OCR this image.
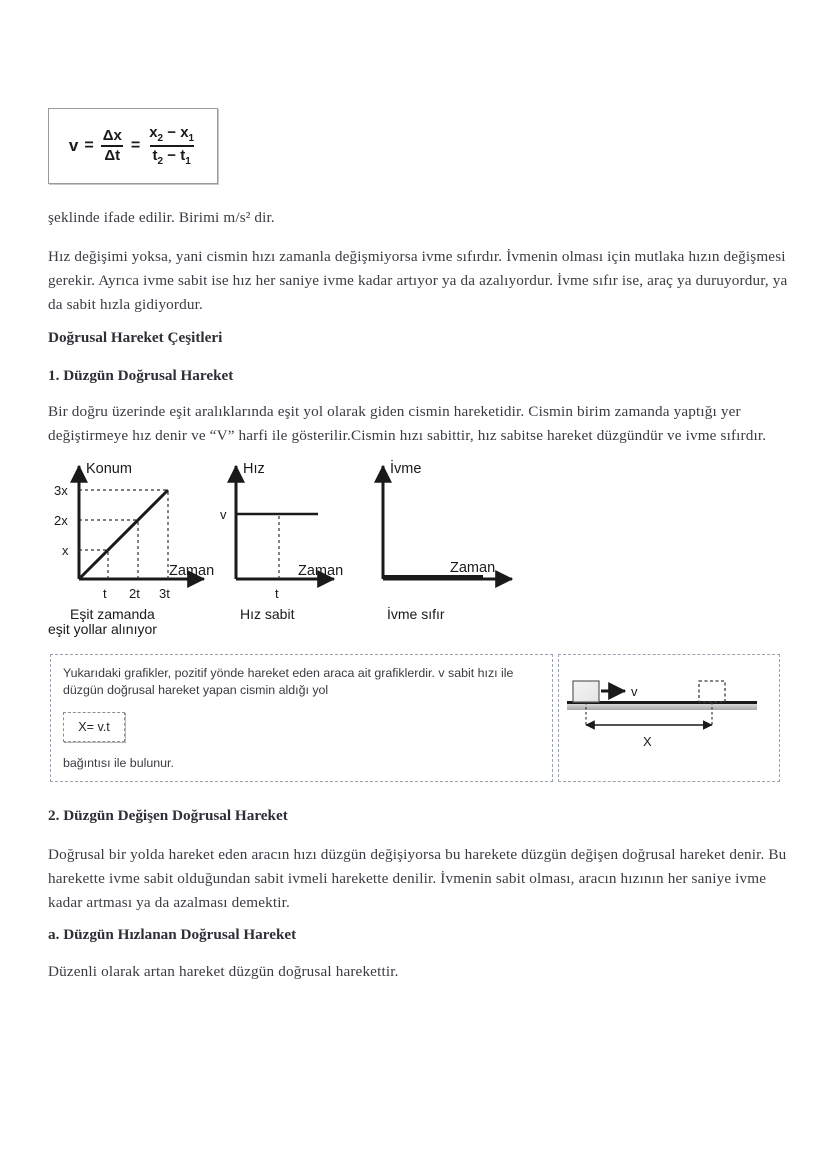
$v = \frac{\Delta x}{\Delta t} = \frac{x_2 - x_1}{t_2 - t_1}$
şeklinde ifade edilir. Birimi m/s² dir.
Hız değişimi yoksa, yani cismin hızı zamanla değişmiyorsa ivme sıfırdır. İvmenin olması için mutlaka hızın değişmesi gerekir. Ayrıca ivme sabit ise hız her saniye ivme kadar artıyor ya da azalıyordur. İvme sıfır ise, araç ya duruyordur, ya da sabit hızla gidiyordur.
Doğrusal Hareket Çeşitleri
1. Düzgün Doğrusal Hareket
Bir doğru üzerinde eşit aralıklarında eşit yol olarak giden cismin hareketidir. Cismin birim zamanda yaptığı yer değiştirmeye hız denir ve “V” harfi ile gösterilir.Cismin hızı sabittir, hız sabitse hareket düzgündür ve ivme sıfırdır.
Konum
Zaman
3x
2x
x
t 2t 3t
Eşit zamanda
eşit yollar alınıyor
Hız
Zaman
v
t
Hız sabit
İvme
Zaman
İvme sıfır
Yukarıdaki grafikler, pozitif yönde hareket eden araca ait grafiklerdir. v sabit hızı ile düzgün doğrusal hareket yapan cismin aldığı yol
X= v.t
bağıntısı ile bulunur.
v
X
2. Düzgün Değişen Doğrusal Hareket
Doğrusal bir yolda hareket eden aracın hızı düzgün değişiyorsa bu harekete düzgün değişen doğrusal hareket denir. Bu harekette ivme sabit olduğundan sabit ivmeli harekette denilir. İvmenin sabit olması, aracın hızının her saniye ivme kadar artması ya da azalması demektir.
a. Düzgün Hızlanan Doğrusal Hareket
Düzenli olarak artan hareket düzgün doğrusal harekettir.
